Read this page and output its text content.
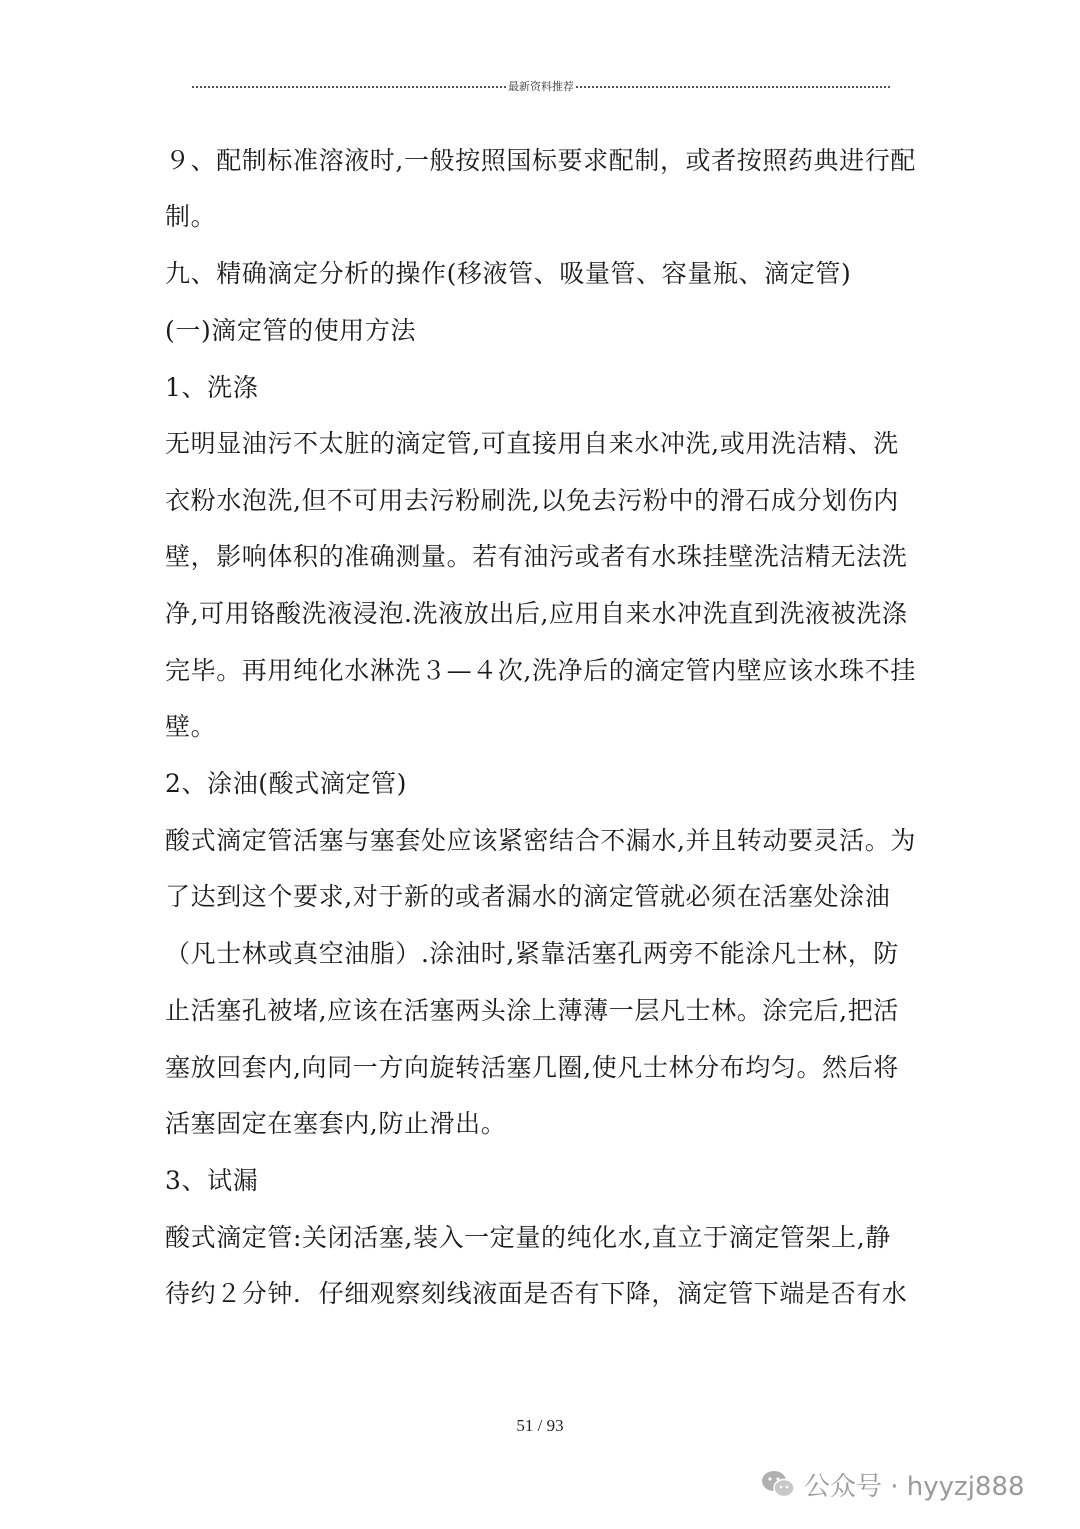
最新资料推荐
９、配制标准溶液时,一般按照国标要求配制，或者按照药典进行配
制。
九、精确滴定分析的操作(移液管、吸量管、容量瓶、滴定管)
(一)滴定管的使用方法
1、洗涤
无明显油污不太脏的滴定管,可直接用自来水冲洗,或用洗洁精、洗
衣粉水泡洗,但不可用去污粉刷洗,以免去污粉中的滑石成分划伤内
壁，影响体积的准确测量。若有油污或者有水珠挂壁洗洁精无法洗
净,可用铬酸洗液浸泡.洗液放出后,应用自来水冲洗直到洗液被洗涤
完毕。再用纯化水淋洗３—４次,洗净后的滴定管内壁应该水珠不挂
壁。
2、涂油(酸式滴定管)
酸式滴定管活塞与塞套处应该紧密结合不漏水,并且转动要灵活。为
了达到这个要求,对于新的或者漏水的滴定管就必须在活塞处涂油
（凡士林或真空油脂）.涂油时,紧靠活塞孔两旁不能涂凡士林，防
止活塞孔被堵,应该在活塞两头涂上薄薄一层凡士林。涂完后,把活
塞放回套内,向同一方向旋转活塞几圈,使凡士林分布均匀。然后将
活塞固定在塞套内,防止滑出。
3、试漏
酸式滴定管:关闭活塞,装入一定量的纯化水,直立于滴定管架上,静
待约２分钟．仔细观察刻线液面是否有下降，滴定管下端是否有水
51 / 93
公众号 · hyyzj888
